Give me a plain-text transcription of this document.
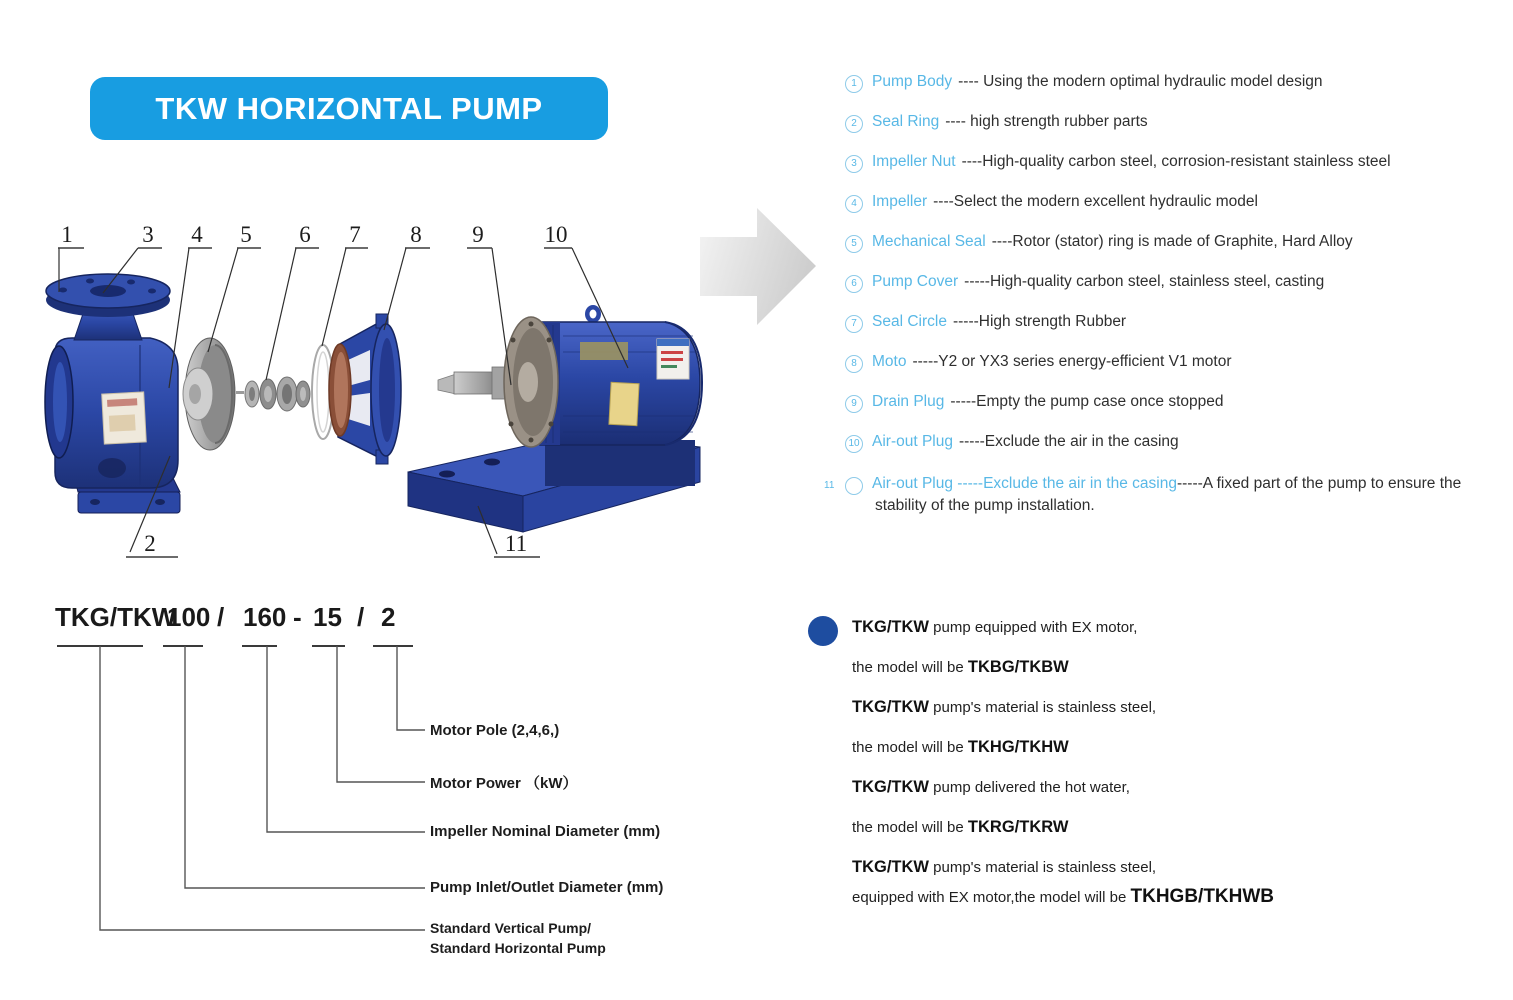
TKW HORIZONTAL PUMP
1
2
3 4 5 6 7 8 9	10
11
1 Pump Body ---- Using the modern optimal hydraulic model design
2 Seal Ring ---- high strength rubber parts
3 Impeller Nut ----High-quality carbon steel, corrosion-resistant stainless steel
4 Impeller ----Select the modern excellent hydraulic model
5 Mechanical Seal ----Rotor (stator) ring is made of Graphite, Hard Alloy
6 Pump Cover -----High-quality carbon steel, stainless steel, casting
7 Seal Circle -----High strength Rubber
8 Moto -----Y2 or YX3 series energy-efficient V1 motor
9 Drain Plug -----Empty the pump case once stopped
10 Air-out Plug -----Exclude the air in the casing
11 Air-out Plug -----Exclude the air in the casing-----A fixed part of the pump to ensure the stability of the pump installation.
TKG/TKW
100 / 160 - 15 / 2
Motor Pole (2,4,6,)
Motor Power （kW）
Impeller Nominal Diameter (mm)
Pump Inlet/Outlet Diameter (mm)
Standard Vertical Pump/
Standard Horizontal Pump
TKG/TKW pump equipped with EX motor,
the model will be TKBG/TKBW
TKG/TKW pump's material is stainless steel,
the model will be TKHG/TKHW
TKG/TKW pump delivered the hot water,
the model will be TKRG/TKRW
TKG/TKW pump's material is stainless steel,
equipped with EX motor,the model will be TKHGB/TKHWB
